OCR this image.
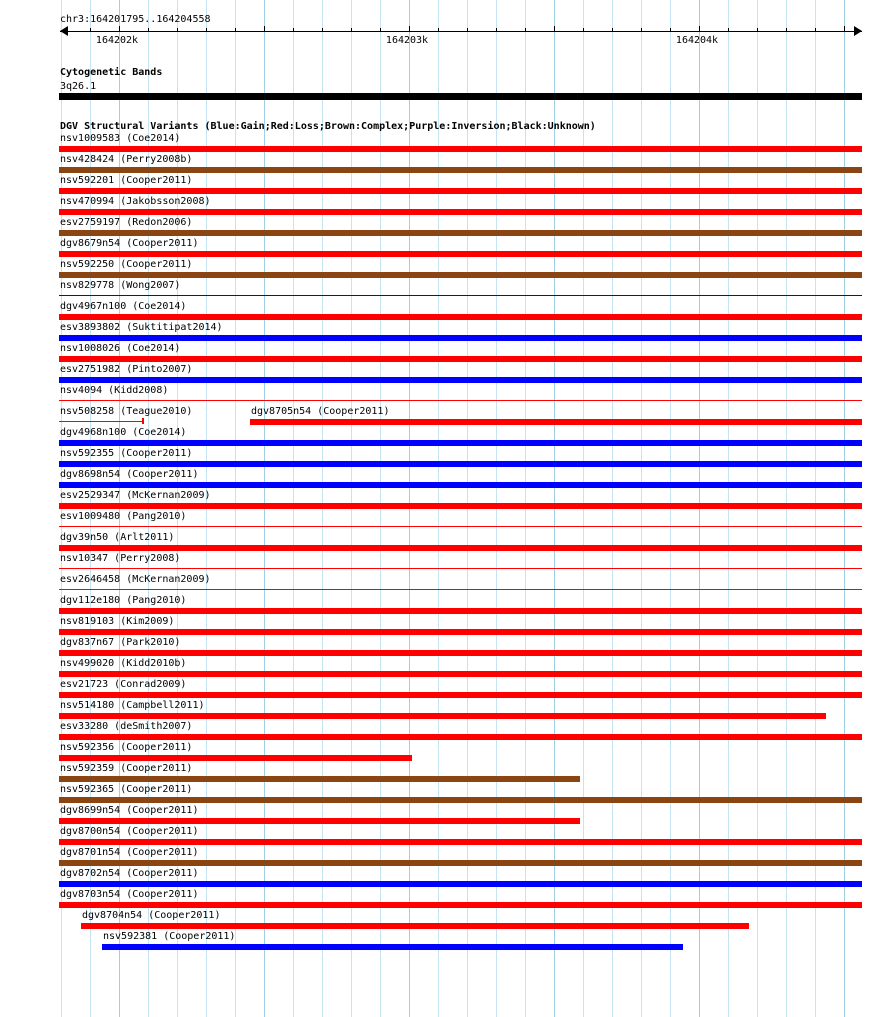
chr3:164201795..164204558
164202k	164203k	164204k
Cytogenetic Bands
3q26.1
DGV Structural Variants (Blue:Gain;Red:Loss;Brown:Complex;Purple:Inversion;Black:Unknown)
nsv1009583 (Coe2014)
nsv428424 (Perry2008b)
nsv592201 (Cooper2011)
nsv470994 (Jakobsson2008)
esv2759197 (Redon2006)
dgv8679n54 (Cooper2011)
nsv592250 (Cooper2011)
nsv829778 (Wong2007)
dgv4967n100 (Coe2014)
esv3893802 (Suktitipat2014)
nsv1008026 (Coe2014)
esv2751982 (Pinto2007)
nsv4094 (Kidd2008)
nsv508258 (Teague2010)	dgv8705n54 (Cooper2011)
dgv4968n100 (Coe2014)
nsv592355 (Cooper2011)
dgv8698n54 (Cooper2011)
esv2529347 (McKernan2009)
esv1009480 (Pang2010)
dgv39n50 (Arlt2011)
nsv10347 (Perry2008)
esv2646458 (McKernan2009)
dgv112e180 (Pang2010)
nsv819103 (Kim2009)
dgv837n67 (Park2010)
nsv499020 (Kidd2010b)
esv21723 (Conrad2009)
nsv514180 (Campbell2011)
esv33280 (deSmith2007)
nsv592356 (Cooper2011)
nsv592359 (Cooper2011)
nsv592365 (Cooper2011)
dgv8699n54 (Cooper2011)
dgv8700n54 (Cooper2011)
dgv8701n54 (Cooper2011)
dgv8702n54 (Cooper2011)
dgv8703n54 (Cooper2011)
dgv8704n54 (Cooper2011)
nsv592381 (Cooper2011)
